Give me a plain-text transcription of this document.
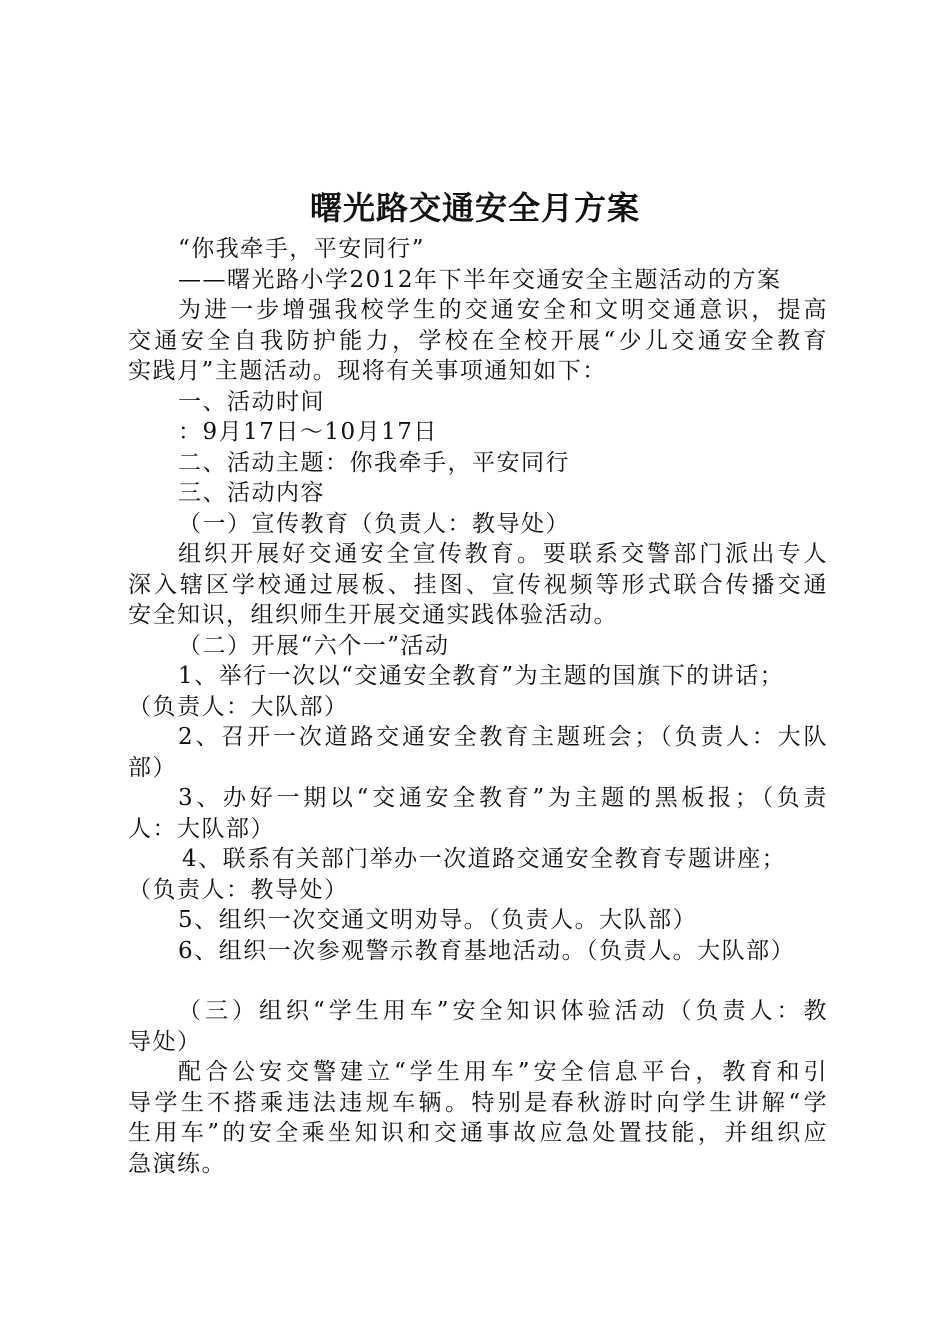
曙光路交通安全月方案
“你我牵手，平安同行”
——曙光路小学2012年下半年交通安全主题活动的方案
为进一步增强我校学生的交通安全和文明交通意识，提高
交通安全自我防护能力，学校在全校开展“少儿交通安全教育
实践月”主题活动。现将有关事项通知如下：
一、活动时间
：9月17日～10月17日
二、活动主题：你我牵手，平安同行
三、活动内容
（一）宣传教育（负责人：教导处）
组织开展好交通安全宣传教育。要联系交警部门派出专人
深入辖区学校通过展板、挂图、宣传视频等形式联合传播交通
安全知识，组织师生开展交通实践体验活动。
（二）开展“六个一”活动
1、举行一次以“交通安全教育”为主题的国旗下的讲话；
（负责人：大队部）
2、召开一次道路交通安全教育主题班会；（负责人：大队
部）
3、办好一期以“交通安全教育”为主题的黑板报；（负责
人：大队部）
4、联系有关部门举办一次道路交通安全教育专题讲座；
（负责人：教导处）
5、组织一次交通文明劝导。（负责人。大队部）
6、组织一次参观警示教育基地活动。（负责人。大队部）
（三）组织“学生用车”安全知识体验活动（负责人：教
导处）
配合公安交警建立“学生用车”安全信息平台，教育和引
导学生不搭乘违法违规车辆。特别是春秋游时向学生讲解“学
生用车”的安全乘坐知识和交通事故应急处置技能，并组织应
急演练。
